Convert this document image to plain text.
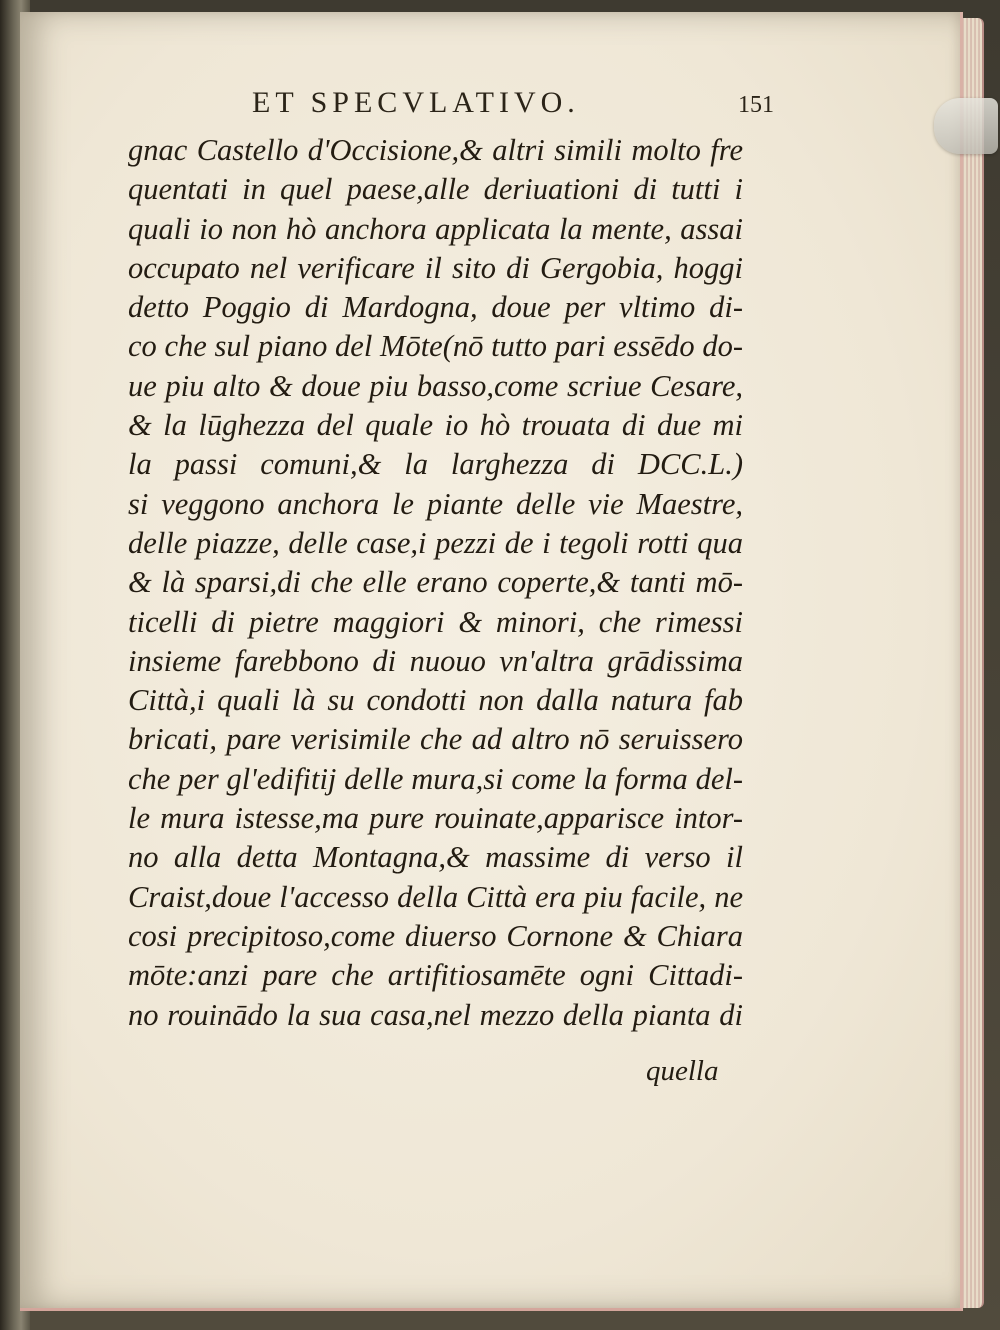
ET SPECVLATIVO.	151
gnac Castello d'Occisione,& altri simili molto fre
quentati in quel paese,alle deriuationi di tutti i
quali io non hò anchora applicata la mente, assai
occupato nel verificare il sito di Gergobia, hoggi
detto Poggio di Mardogna, doue per vltimo di-
co che sul piano del Mōte(nō tutto pari essēdo do-
ue piu alto & doue piu basso,come scriue Cesare,
& la lūghezza del quale io hò trouata di due mi
la passi comuni,& la larghezza di DCC.L.)
si veggono anchora le piante delle vie Maestre,
delle piazze, delle case,i pezzi de i tegoli rotti qua
& là sparsi,di che elle erano coperte,& tanti mō-
ticelli di pietre maggiori & minori, che rimessi
insieme farebbono di nuouo vn'altra grādissima
Città,i quali là su condotti non dalla natura fab
bricati, pare verisimile che ad altro nō seruissero
che per gl'edifitij delle mura,si come la forma del-
le mura istesse,ma pure rouinate,apparisce intor-
no alla detta Montagna,& massime di verso il
Craist,doue l'accesso della Città era piu facile, ne
cosi precipitoso,come diuerso Cornone & Chiara
mōte:anzi pare che artifitiosamēte ogni Cittadi-
no rouinādo la sua casa,nel mezzo della pianta di
quella
